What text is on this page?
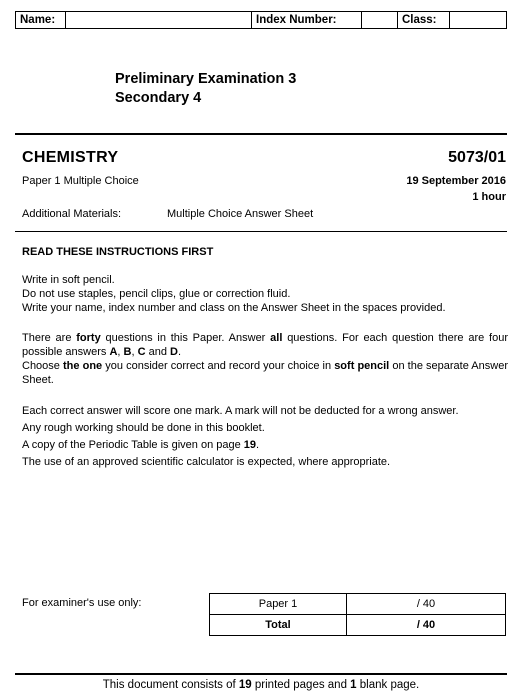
Name:	Index Number:	Class:
Preliminary Examination 3
Secondary 4
CHEMISTRY	5073/01
Paper 1 Multiple Choice	19 September 2016
1 hour
Additional Materials:	Multiple Choice Answer Sheet
READ THESE INSTRUCTIONS FIRST

Write in soft pencil.

Do not use staples, pencil clips, glue or correction fluid.

Write your name, index number and class on the Answer Sheet in the spaces provided.

There are forty questions in this Paper. Answer all questions. For each question there are four possible answers A, B, C and D.

Choose the one you consider correct and record your choice in soft pencil on the separate Answer Sheet.

Each correct answer will score one mark. A mark will not be deducted for a wrong answer.

Any rough working should be done in this booklet.

A copy of the Periodic Table is given on page 19.

The use of an approved scientific calculator is expected, where appropriate.

For examiner's use only:	Paper 1	/ 40
Total	/ 40
This document consists of 19 printed pages and 1 blank page.
